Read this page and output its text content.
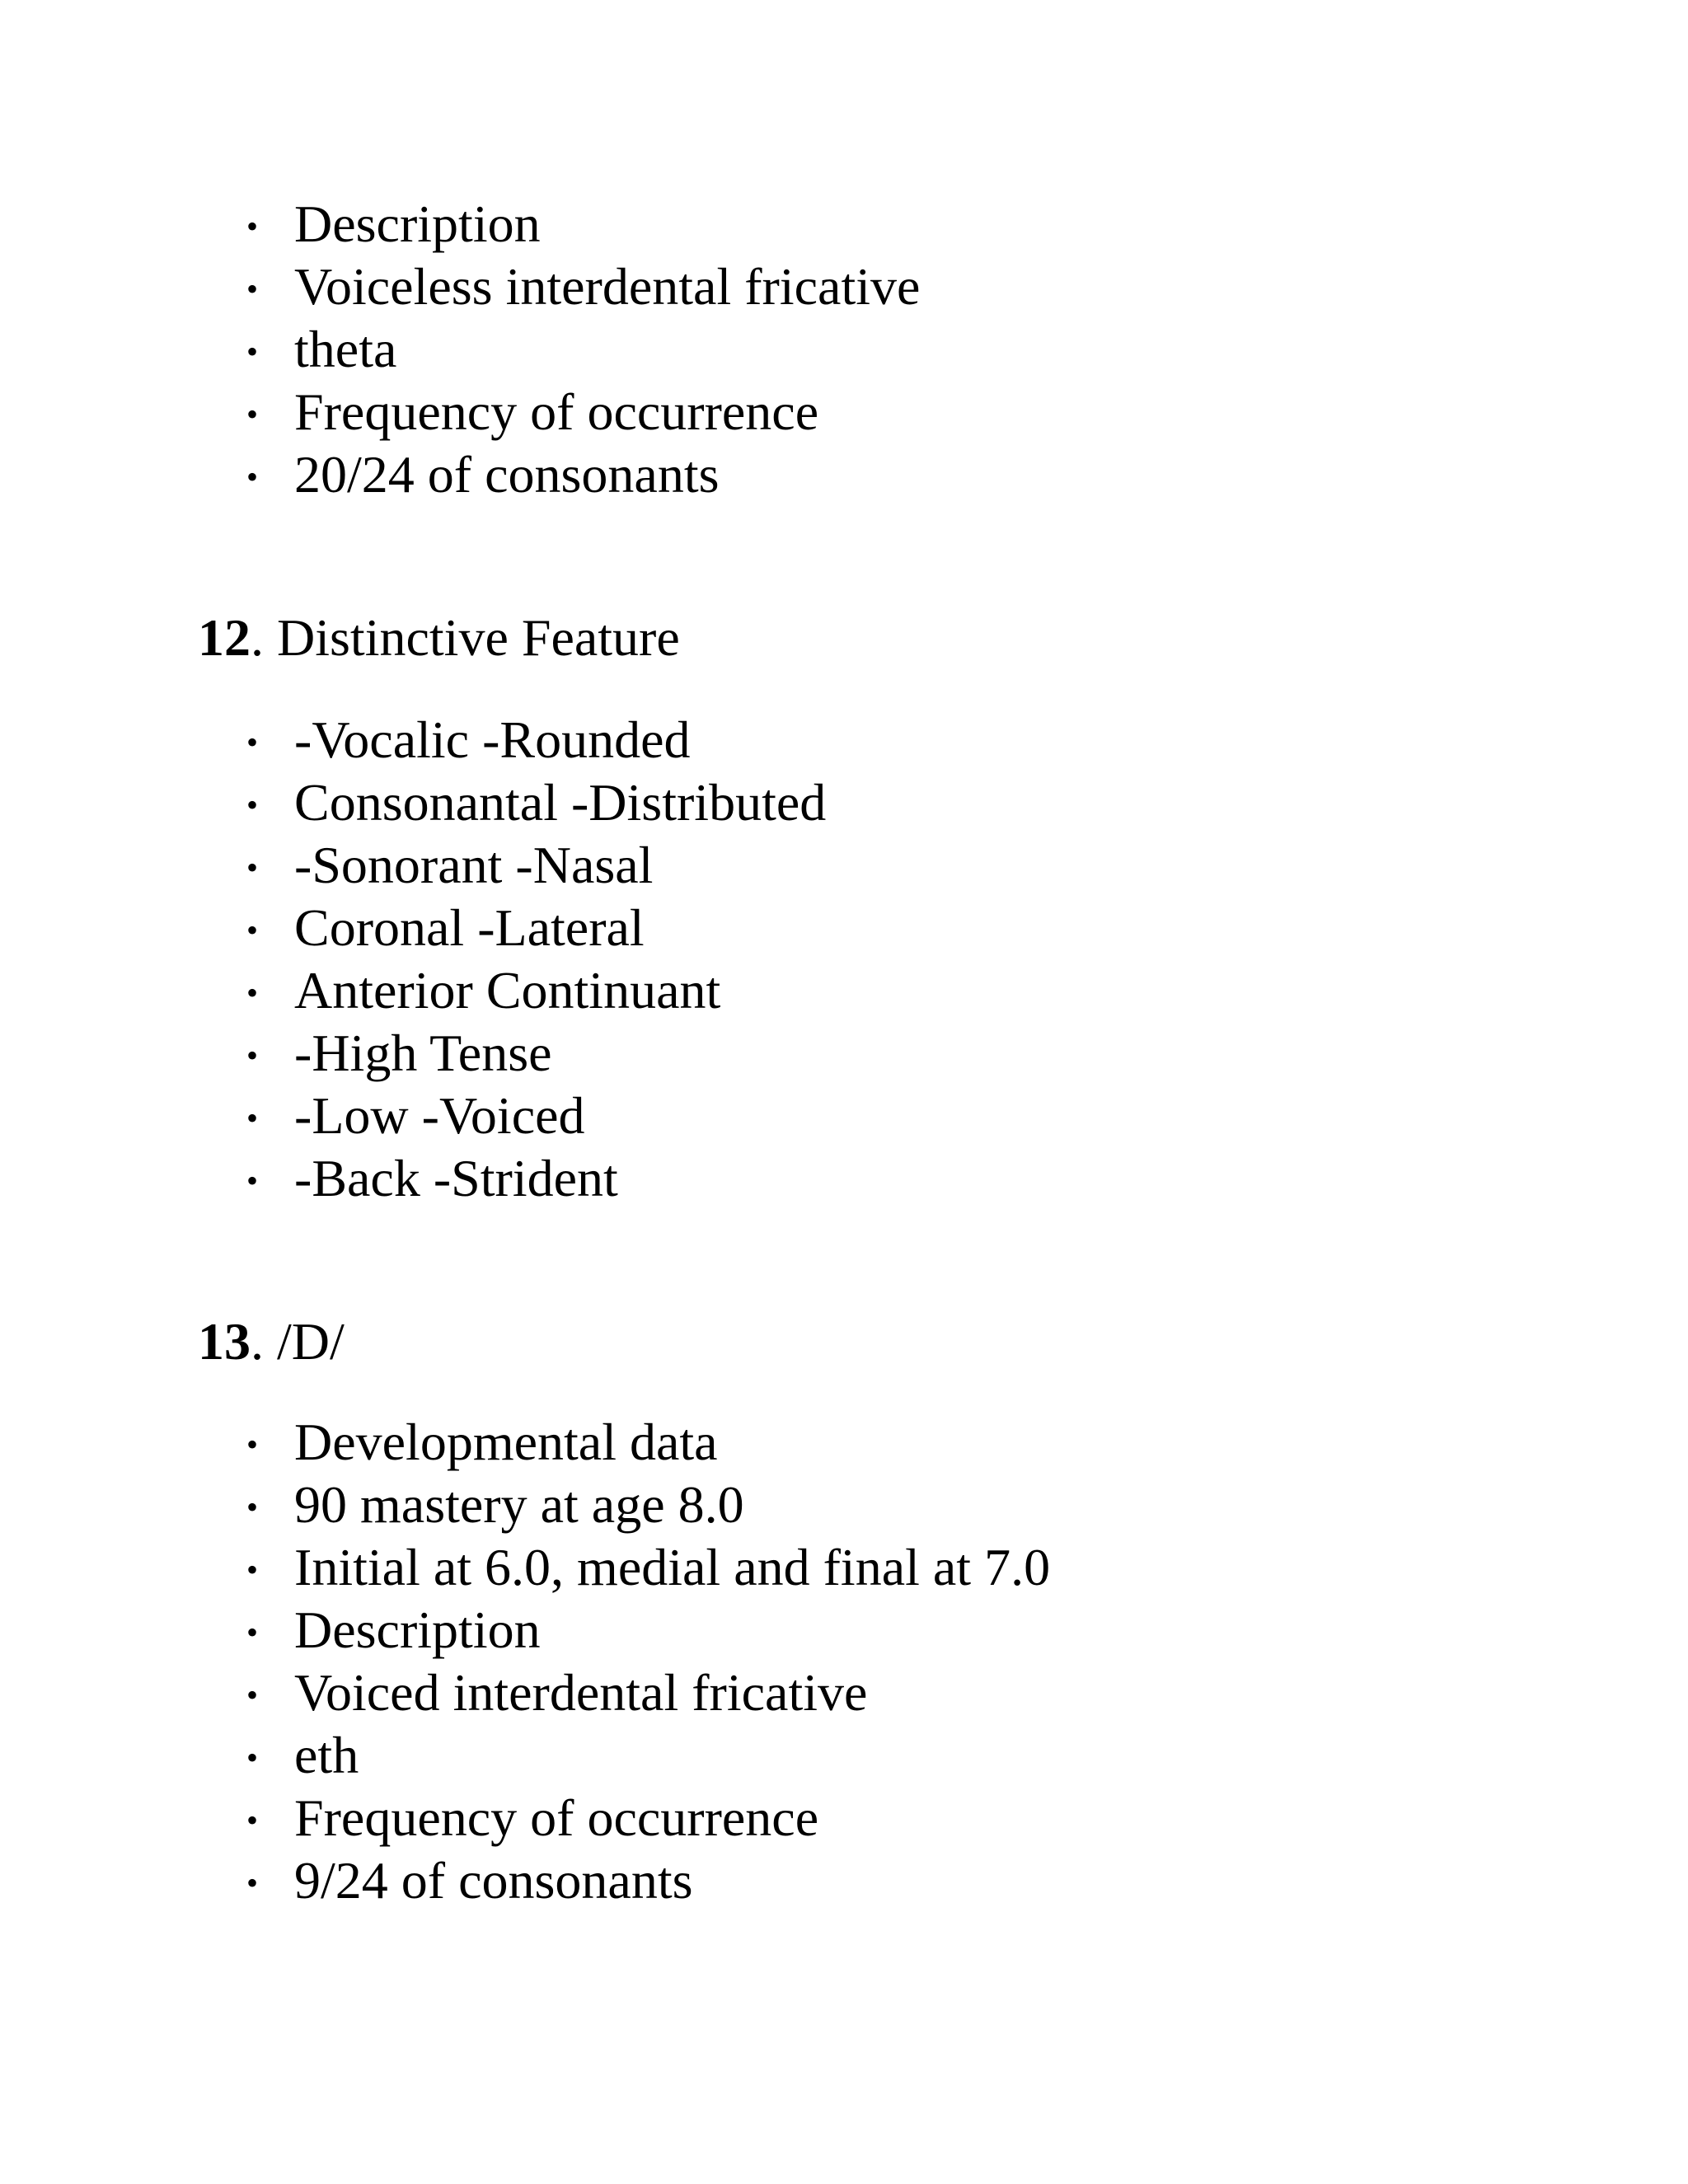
• Description
• Voiceless interdental fricative
• theta
• Frequency of occurrence
• 20/24 of consonants
12. Distinctive Feature
• -Vocalic -Rounded
• Consonantal -Distributed
• -Sonorant -Nasal
• Coronal -Lateral
• Anterior Continuant
• -High Tense
• -Low -Voiced
• -Back -Strident
13. /D/
• Developmental data
• 90 mastery at age 8.0
• Initial at 6.0, medial and final at 7.0
• Description
• Voiced interdental fricative
• eth
• Frequency of occurrence
• 9/24 of consonants
